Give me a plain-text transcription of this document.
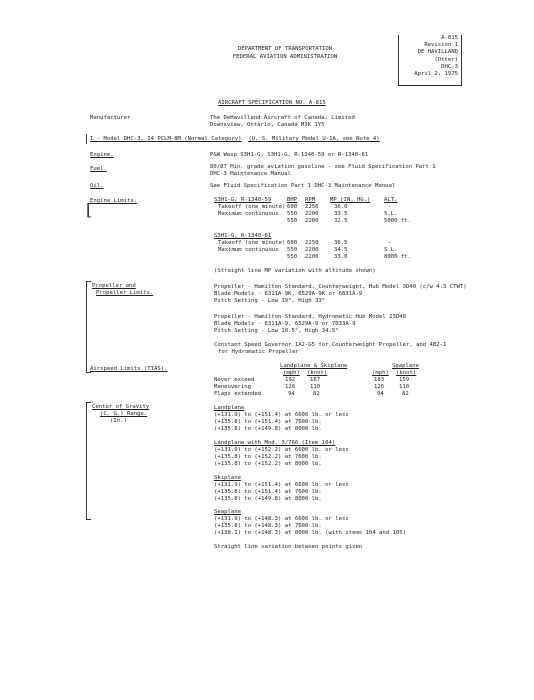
DEPARTMENT OF TRANSPORTATION
FEDERAL AVIATION ADMINISTRATION
A-815
Revision 1
DE HAVILLAND
(Otter)
DHC-3
April 2, 1975
AIRCRAFT SPECIFICATION NO. A-815
Manufacturer	The DeHavilland Aircraft of Canada, Limited
Downsview, Ontario, Canada M3K 1Y5
I - Model DHC-3, 14 PCLM-8M (Normal Category) (U. S. Military Model U-1A, see Note 4)
Engine.	P&W Wasp S3H1-G, S3H1-G, R-1340-59 or R-1340-61
Fuel.	80/87 Min. grade aviation gasoline - see Fluid Specification Part 1
DHC-3 Maintenance Manual
Oil.	See Fluid Specification Part 1 DHC-3 Maintenance Manual
Engine Limits.
[	S3H1-G, R-1340-59	BHP RPM	MP (IN. HG.) ALT.
Takeoff (one minute) 600 2250	36.0	-
Maximum continuous 550 2200	33.5	S.L.
550 2200	32.5	5000 ft.
S3H1-G, R-1340-61
Takeoff (one minute) 600 2250	36.5	-
Maximum continuous 550 2200	34.5	S.L.
550 2200	33.0	8000 ft.
(Straight line MP variation with altitude shown)
Propeller and
Propeller Limits.
Propeller - Hamilton Standard, Counterweight, Hub Model 3D40 (c/w 4.3 CTWT)
Blade Models - 6311A-9K, 6529A-9K or 6631A-9
Pitch Setting - Low 19°, High 33°
Propeller - Hamilton Standard, Hydromatic Hub Model 23D40
Blade Models - 6311A-9, 6529A-9 or 7033A-9
Pitch Setting - Low 18.5°, High 34.5°
Constant Speed Governor 1A2-G5 for Counterweight Propeller, and 4B2-1
for Hydromatic Propeller
Airspeed Limits (TIAS).	Landplane & Skiplane	Seaplane
(mph) (knot)	(mph) (knot)
Never exceed	192	167	183	159
Maneuvering	126	110	126	110
Flaps extended	94	82	94	82
Center of Gravity
(C. G.) Range.
(In.)
Landplane
(+131.9) to (+151.4) at 6600 lb. or less
(+135.8) to (+151.4) at 7600 lb.
(+135.8) to (+149.8) at 8000 lb.
Landplane with Mod. 3/766 (Item 104)
(+131.9) to (+152.2) at 6600 lb. or less
(+135.8) to (+152.2) at 7600 lb.
(+135.8) to (+152.2) at 8000 lb.
Skiplane
(+131.9) to (+151.4) at 6600 lb. or less
(+135.8) to (+151.4) at 7600 lb.
(+135.8) to (+149.8) at 8000 lb.
Seaplane
(+131.9) to (+148.3) at 6600 lb. or less
(+135.8) to (+148.3) at 7600 lb.
(+138.1) to (+148.3) at 8000 lb. (with items 104 and 105)
Straight line variation between points given
